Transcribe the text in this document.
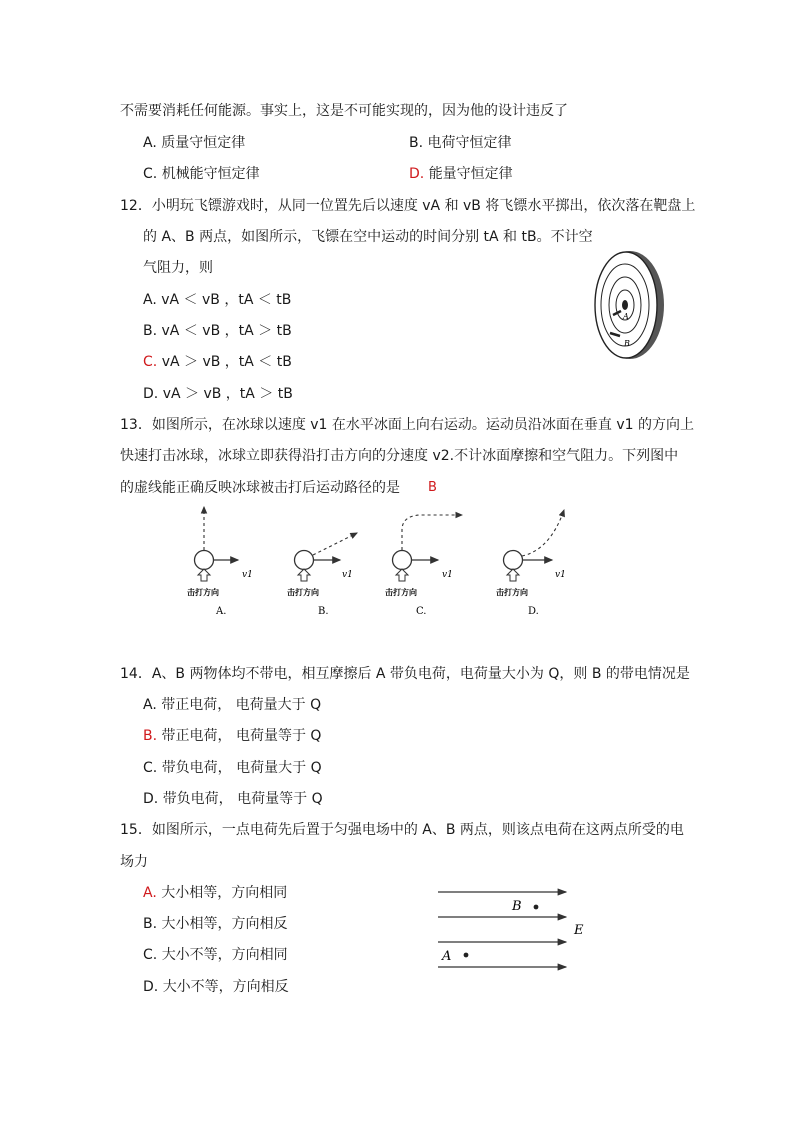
不需要消耗任何能源。事实上，这是不可能实现的，因为他的设计违反了
A. 质量守恒定律	B. 电荷守恒定律
C. 机械能守恒定律	D. 能量守恒定律
12．小明玩飞镖游戏时，从同一位置先后以速度 vA 和 vB 将飞镖水平掷出，依次落在靶盘上
的 A、B 两点，如图所示，飞镖在空中运动的时间分别 tA 和 tB。不计空
气阻力，则
A. vA ＜ vB ，tA ＜ tB
B. vA ＜ vB ，tA ＞ tB
C. vA ＞ vB ，tA ＜ tB
D. vA ＞ vB ，tA ＞ tB
A
B
13．如图所示，在冰球以速度 v1 在水平冰面上向右运动。运动员沿冰面在垂直 v1 的方向上
快速打击冰球，冰球立即获得沿打击方向的分速度 v2.不计冰面摩擦和空气阻力。下列图中
的虚线能正确反映冰球被击打后运动路径的是 B
v1
击打方向
A.
v1
击打方向
B.
v1
击打方向
C.
v1
击打方向
D.
14．A、B 两物体均不带电，相互摩擦后 A 带负电荷，电荷量大小为 Q，则 B 的带电情况是
A. 带正电荷， 电荷量大于 Q
B. 带正电荷， 电荷量等于 Q
C. 带负电荷， 电荷量大于 Q
D. 带负电荷， 电荷量等于 Q
15．如图所示，一点电荷先后置于匀强电场中的 A、B 两点，则该点电荷在这两点所受的电
场力
A. 大小相等，方向相同
B. 大小相等，方向相反
C. 大小不等，方向相同
D. 大小不等，方向相反
B
A
E
